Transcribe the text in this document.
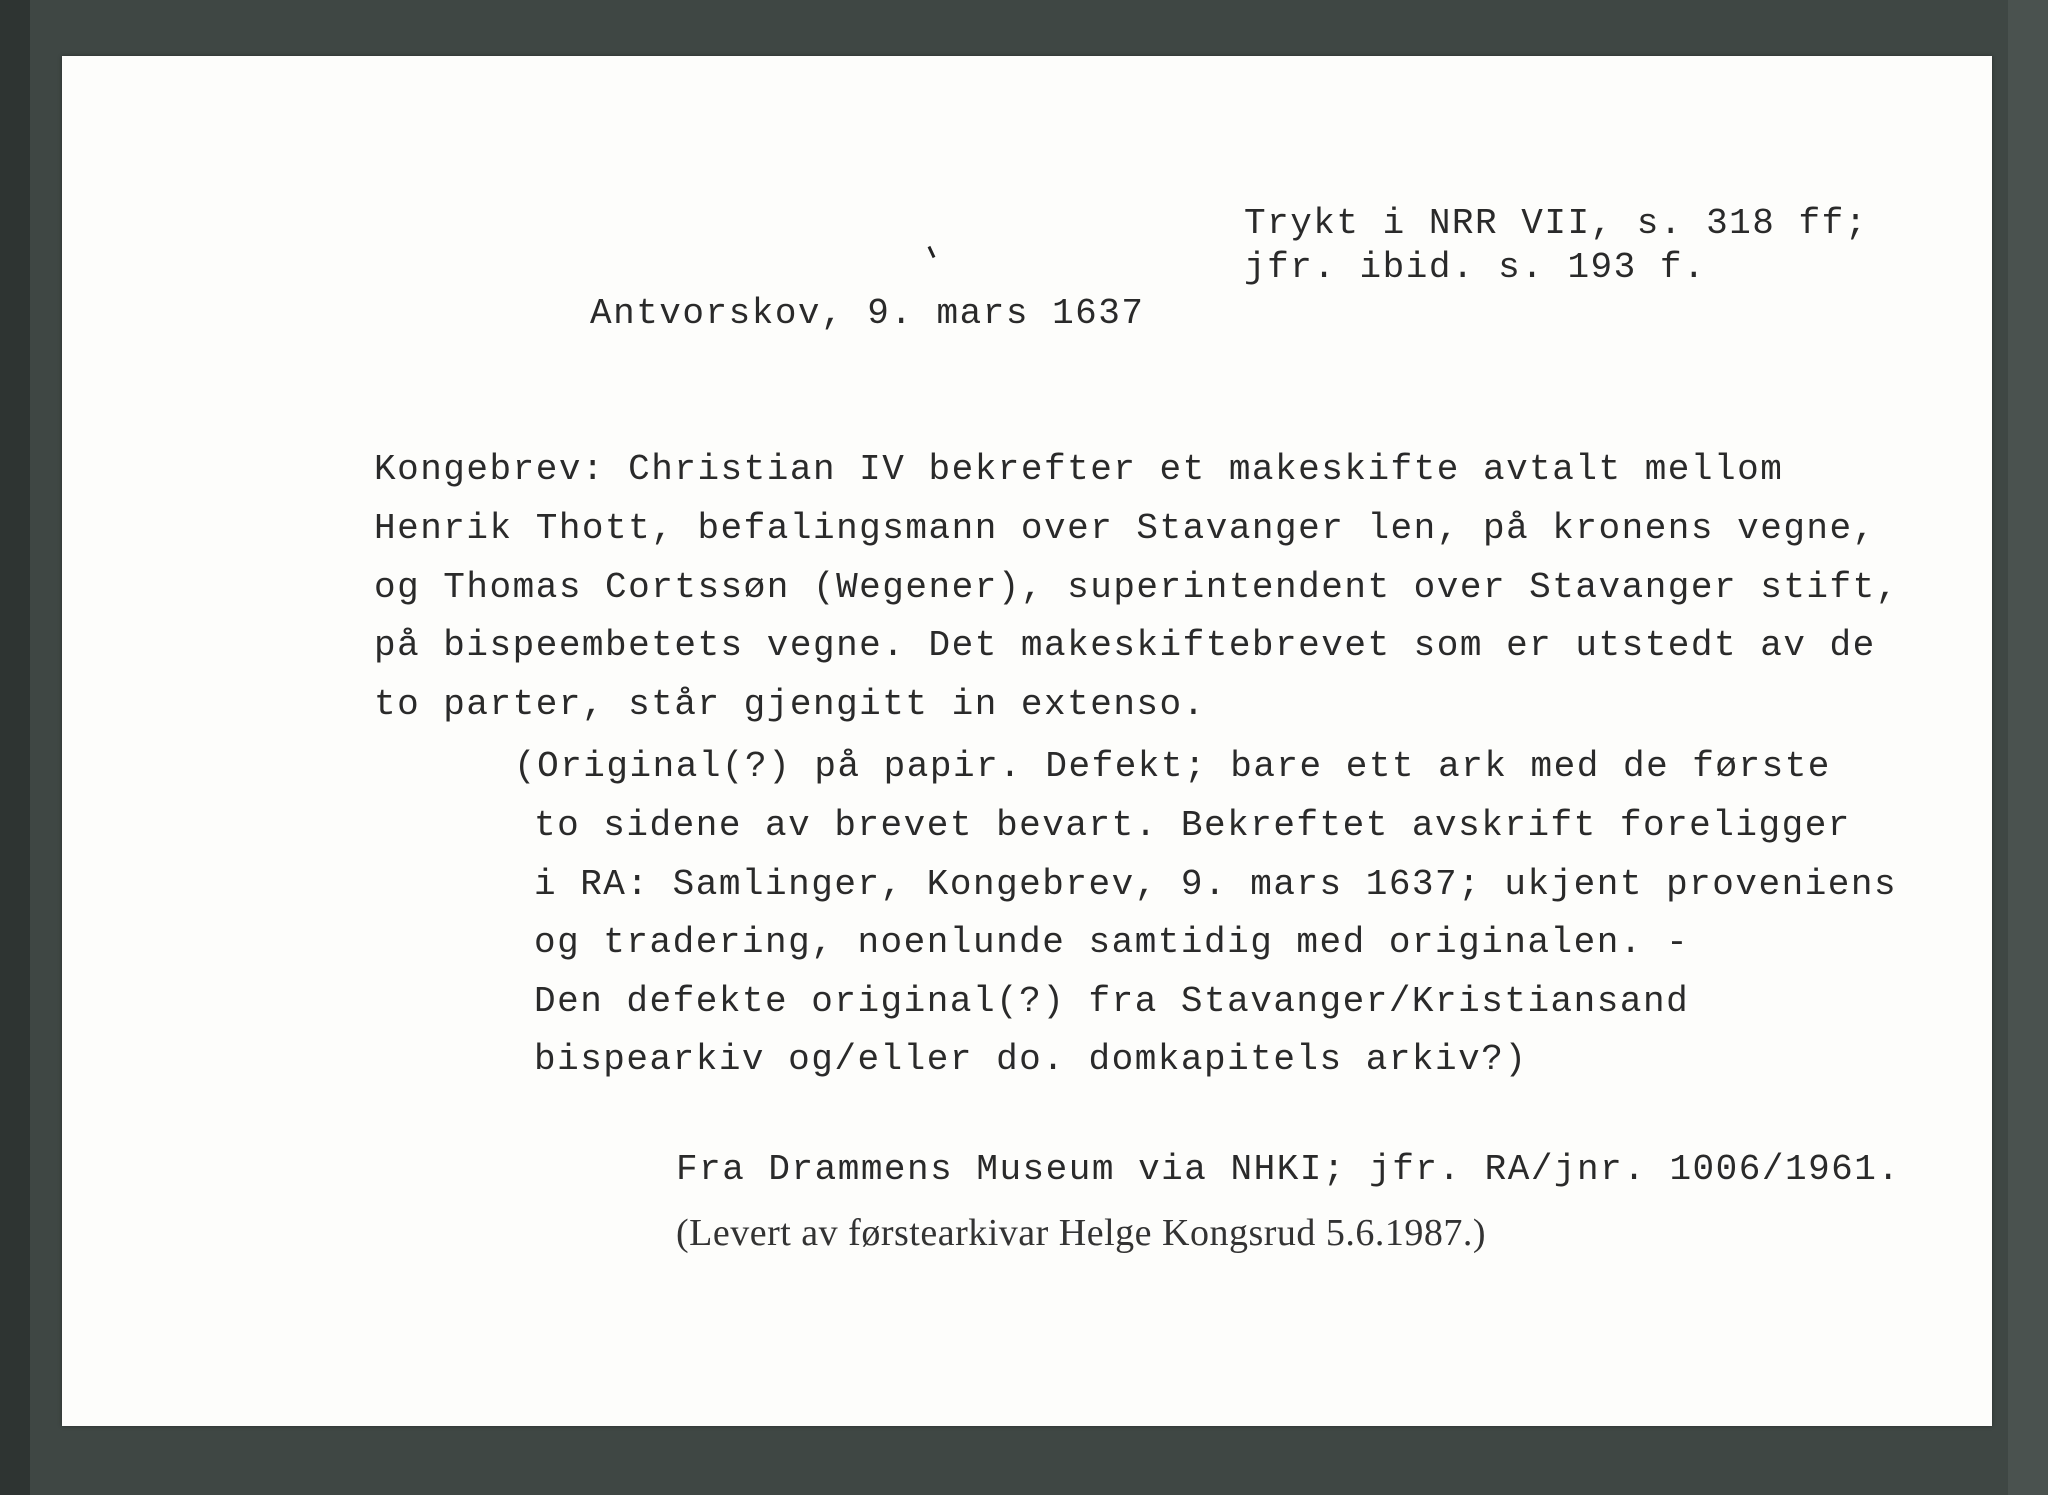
Trykt i NRR VII, s. 318 ff;
jfr. ibid. s. 193 f.
Antvorskov, 9. mars 1637
Kongebrev: Christian IV bekrefter et makeskifte avtalt mellom
Henrik Thott, befalingsmann over Stavanger len, på kronens vegne,
og Thomas Cortssøn (Wegener), superintendent over Stavanger stift,
på bispeembetets vegne. Det makeskiftebrevet som er utstedt av de
to parter, står gjengitt in extenso.
(Original(?) på papir. Defekt; bare ett ark med de første
to sidene av brevet bevart. Bekreftet avskrift foreligger
i RA: Samlinger, Kongebrev, 9. mars 1637; ukjent proveniens
og tradering, noenlunde samtidig med originalen. -
Den defekte original(?) fra Stavanger/Kristiansand
bispearkiv og/eller do. domkapitels arkiv?)
Fra Drammens Museum via NHKI; jfr. RA/jnr. 1006/1961.
(Levert av førstearkivar Helge Kongsrud 5.6.1987.)
